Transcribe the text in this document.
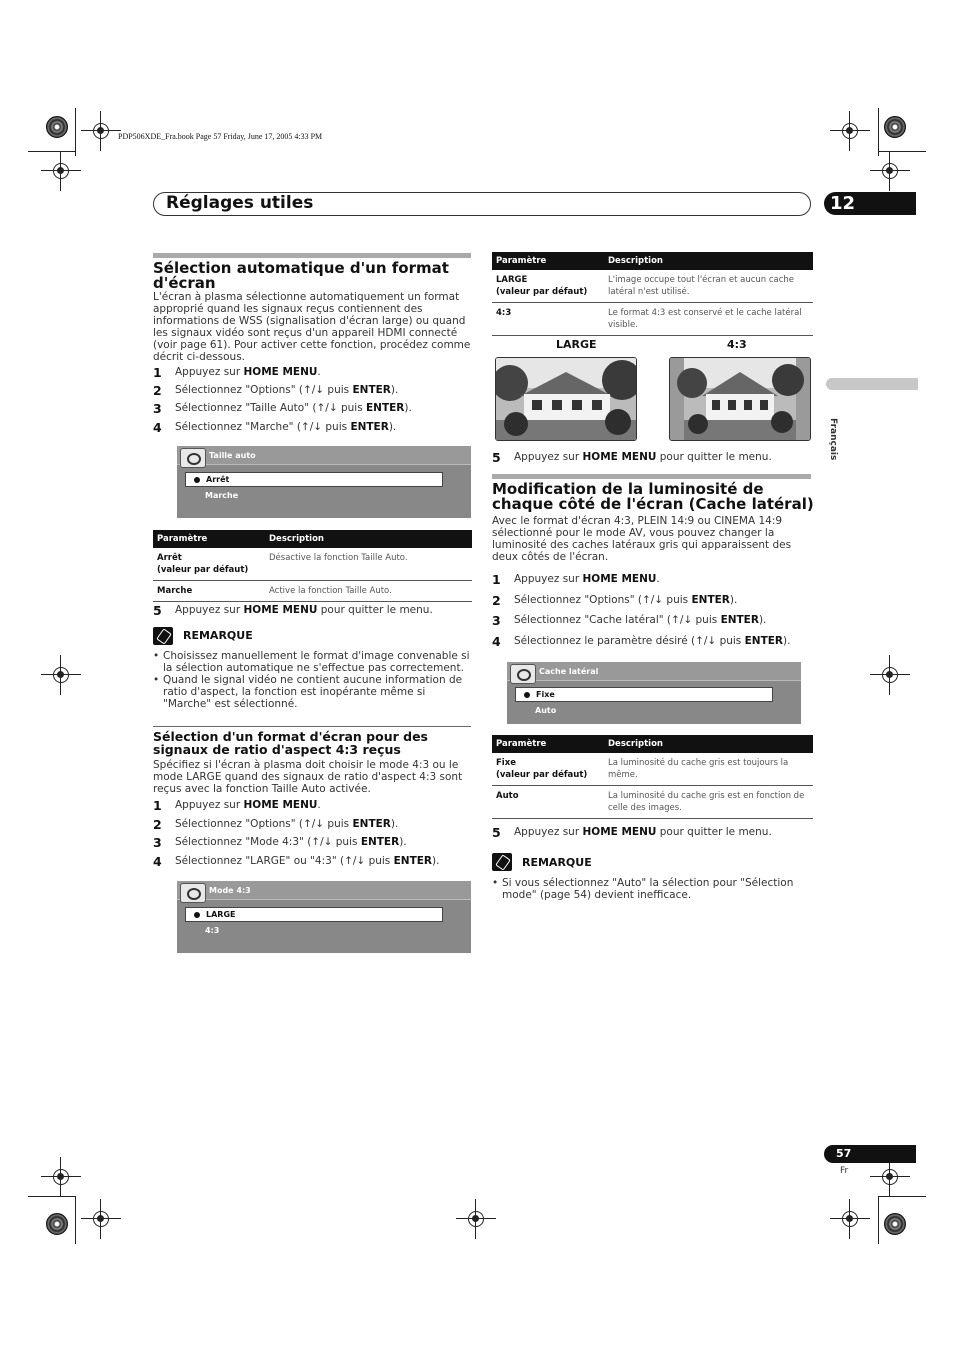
PDP506XDE_Fra.book Page 57 Friday, June 17, 2005 4:33 PM
Réglages utiles	12
Français
Sélection automatique d'un format d'écran
L'écran à plasma sélectionne automatiquement un format approprié quand les signaux reçus contiennent des informations de WSS (signalisation d'écran large) ou quand les signaux vidéo sont reçus d'un appareil HDMI connecté (voir page 61). Pour activer cette fonction, procédez comme décrit ci-dessous.
1	Appuyez sur HOME MENU.
2	Sélectionnez "Options" (↑/↓ puis ENTER).
3	Sélectionnez "Taille Auto" (↑/↓ puis ENTER).
4	Sélectionnez "Marche" (↑/↓ puis ENTER).
Taille auto
Arrêt
Marche
Paramètre	Description

Arrêt
(valeur par défaut)	Désactive la fonction Taille Auto.
Marche	Active la fonction Taille Auto.
5	Appuyez sur HOME MENU pour quitter le menu.
REMARQUE
• Choisissez manuellement le format d'image convenable si la sélection automatique ne s'effectue pas correctement.
• Quand le signal vidéo ne contient aucune information de ratio d'aspect, la fonction est inopérante même si "Marche" est sélectionné.
Sélection d'un format d'écran pour des signaux de ratio d'aspect 4:3 reçus
Spécifiez si l'écran à plasma doit choisir le mode 4:3 ou le mode LARGE quand des signaux de ratio d'aspect 4:3 sont reçus avec la fonction Taille Auto activée.
1	Appuyez sur HOME MENU.
2	Sélectionnez "Options" (↑/↓ puis ENTER).
3	Sélectionnez "Mode 4:3" (↑/↓ puis ENTER).
4	Sélectionnez "LARGE" ou "4:3" (↑/↓ puis ENTER).
Mode 4:3
LARGE
4:3
Paramètre	Description

LARGE
(valeur par défaut)	L'image occupe tout l'écran et aucun cache latéral n'est utilisé.
4:3	Le format 4:3 est conservé et le cache latéral visible.
LARGE	4:3
5	Appuyez sur HOME MENU pour quitter le menu.
Modification de la luminosité de chaque côté de l'écran (Cache latéral)
Avec le format d'écran 4:3, PLEIN 14:9 ou CINEMA 14:9 sélectionné pour le mode AV, vous pouvez changer la luminosité des caches latéraux gris qui apparaissent des deux côtés de l'écran.
1	Appuyez sur HOME MENU.
2	Sélectionnez "Options" (↑/↓ puis ENTER).
3	Sélectionnez "Cache latéral" (↑/↓ puis ENTER).
4	Sélectionnez le paramètre désiré (↑/↓ puis ENTER).
Cache latéral
Fixe
Auto
Paramètre	Description

Fixe
(valeur par défaut)	La luminosité du cache gris est toujours la même.
Auto	La luminosité du cache gris est en fonction de celle des images.
5	Appuyez sur HOME MENU pour quitter le menu.
REMARQUE
• Si vous sélectionnez "Auto" la sélection pour "Sélection mode" (page 54) devient inefficace.
57
Fr
